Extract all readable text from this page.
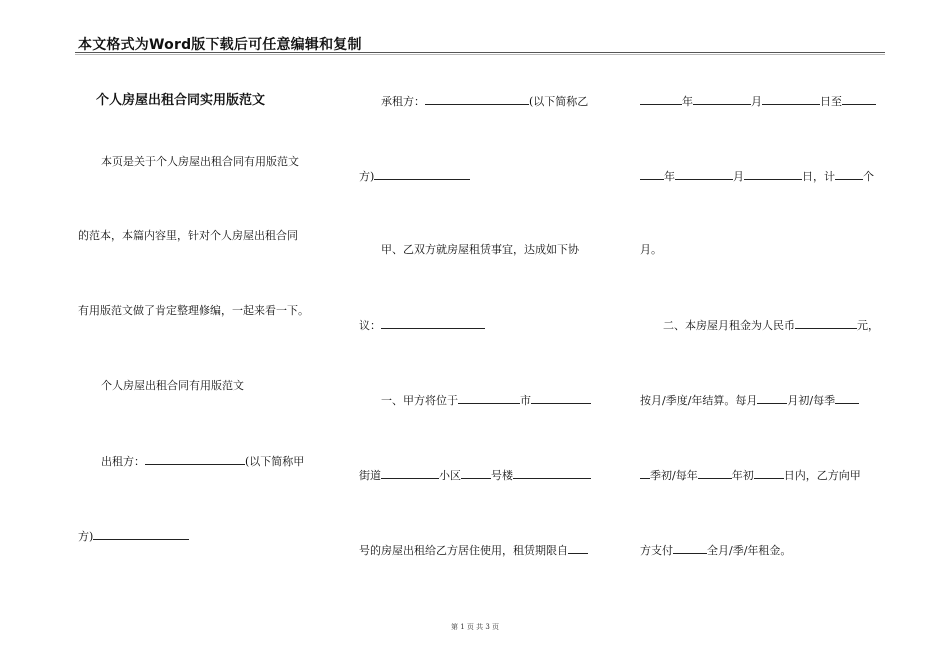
本文格式为Word版下载后可任意编辑和复制
个人房屋出租合同实用版范文
本页是关于个人房屋出租合同有用版范文
的范本，本篇内容里，针对个人房屋出租合同
有用版范文做了肯定整理修编，一起来看一下。
个人房屋出租合同有用版范文
出租方：	(以下简称甲
方)
承租方：	(以下简称乙
方)
甲、乙双方就房屋租赁事宜，达成如下协
议：
一、甲方将位于	市
街道	小区	号楼
号的房屋出租给乙方居住使用，租赁期限自
年	月	日至
年	月	日，计	个
月。
二、本房屋月租金为人民币	元，
按月/季度/年结算。每月	月初/每季
季初/每年	年初	日内，乙方向甲
方支付	全月/季/年租金。
第 1 页 共 3 页
